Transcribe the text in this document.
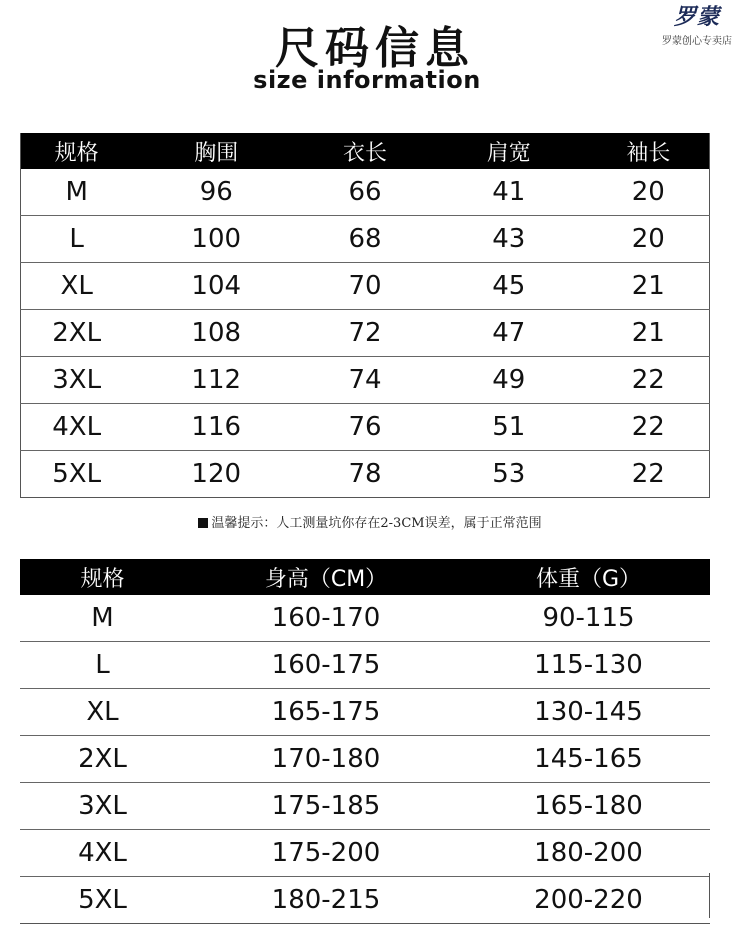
尺码信息
size information
罗蒙
罗蒙创心专卖店
规格	胸围	衣长	肩宽	袖长
M	96	66	41	20
L	100	68	43	20
XL	104	70	45	21
2XL	108	72	47	21
3XL	112	74	49	22
4XL	116	76	51	22
5XL	120	78	53	22
温馨提示：人工测量坑你存在2-3CM误差，属于正常范围
规格	身高（CM）	体重（G）
M	160-170	90-115
L	160-175	115-130
XL	165-175	130-145
2XL	170-180	145-165
3XL	175-185	165-180
4XL	175-200	180-200
5XL	180-215	200-220
